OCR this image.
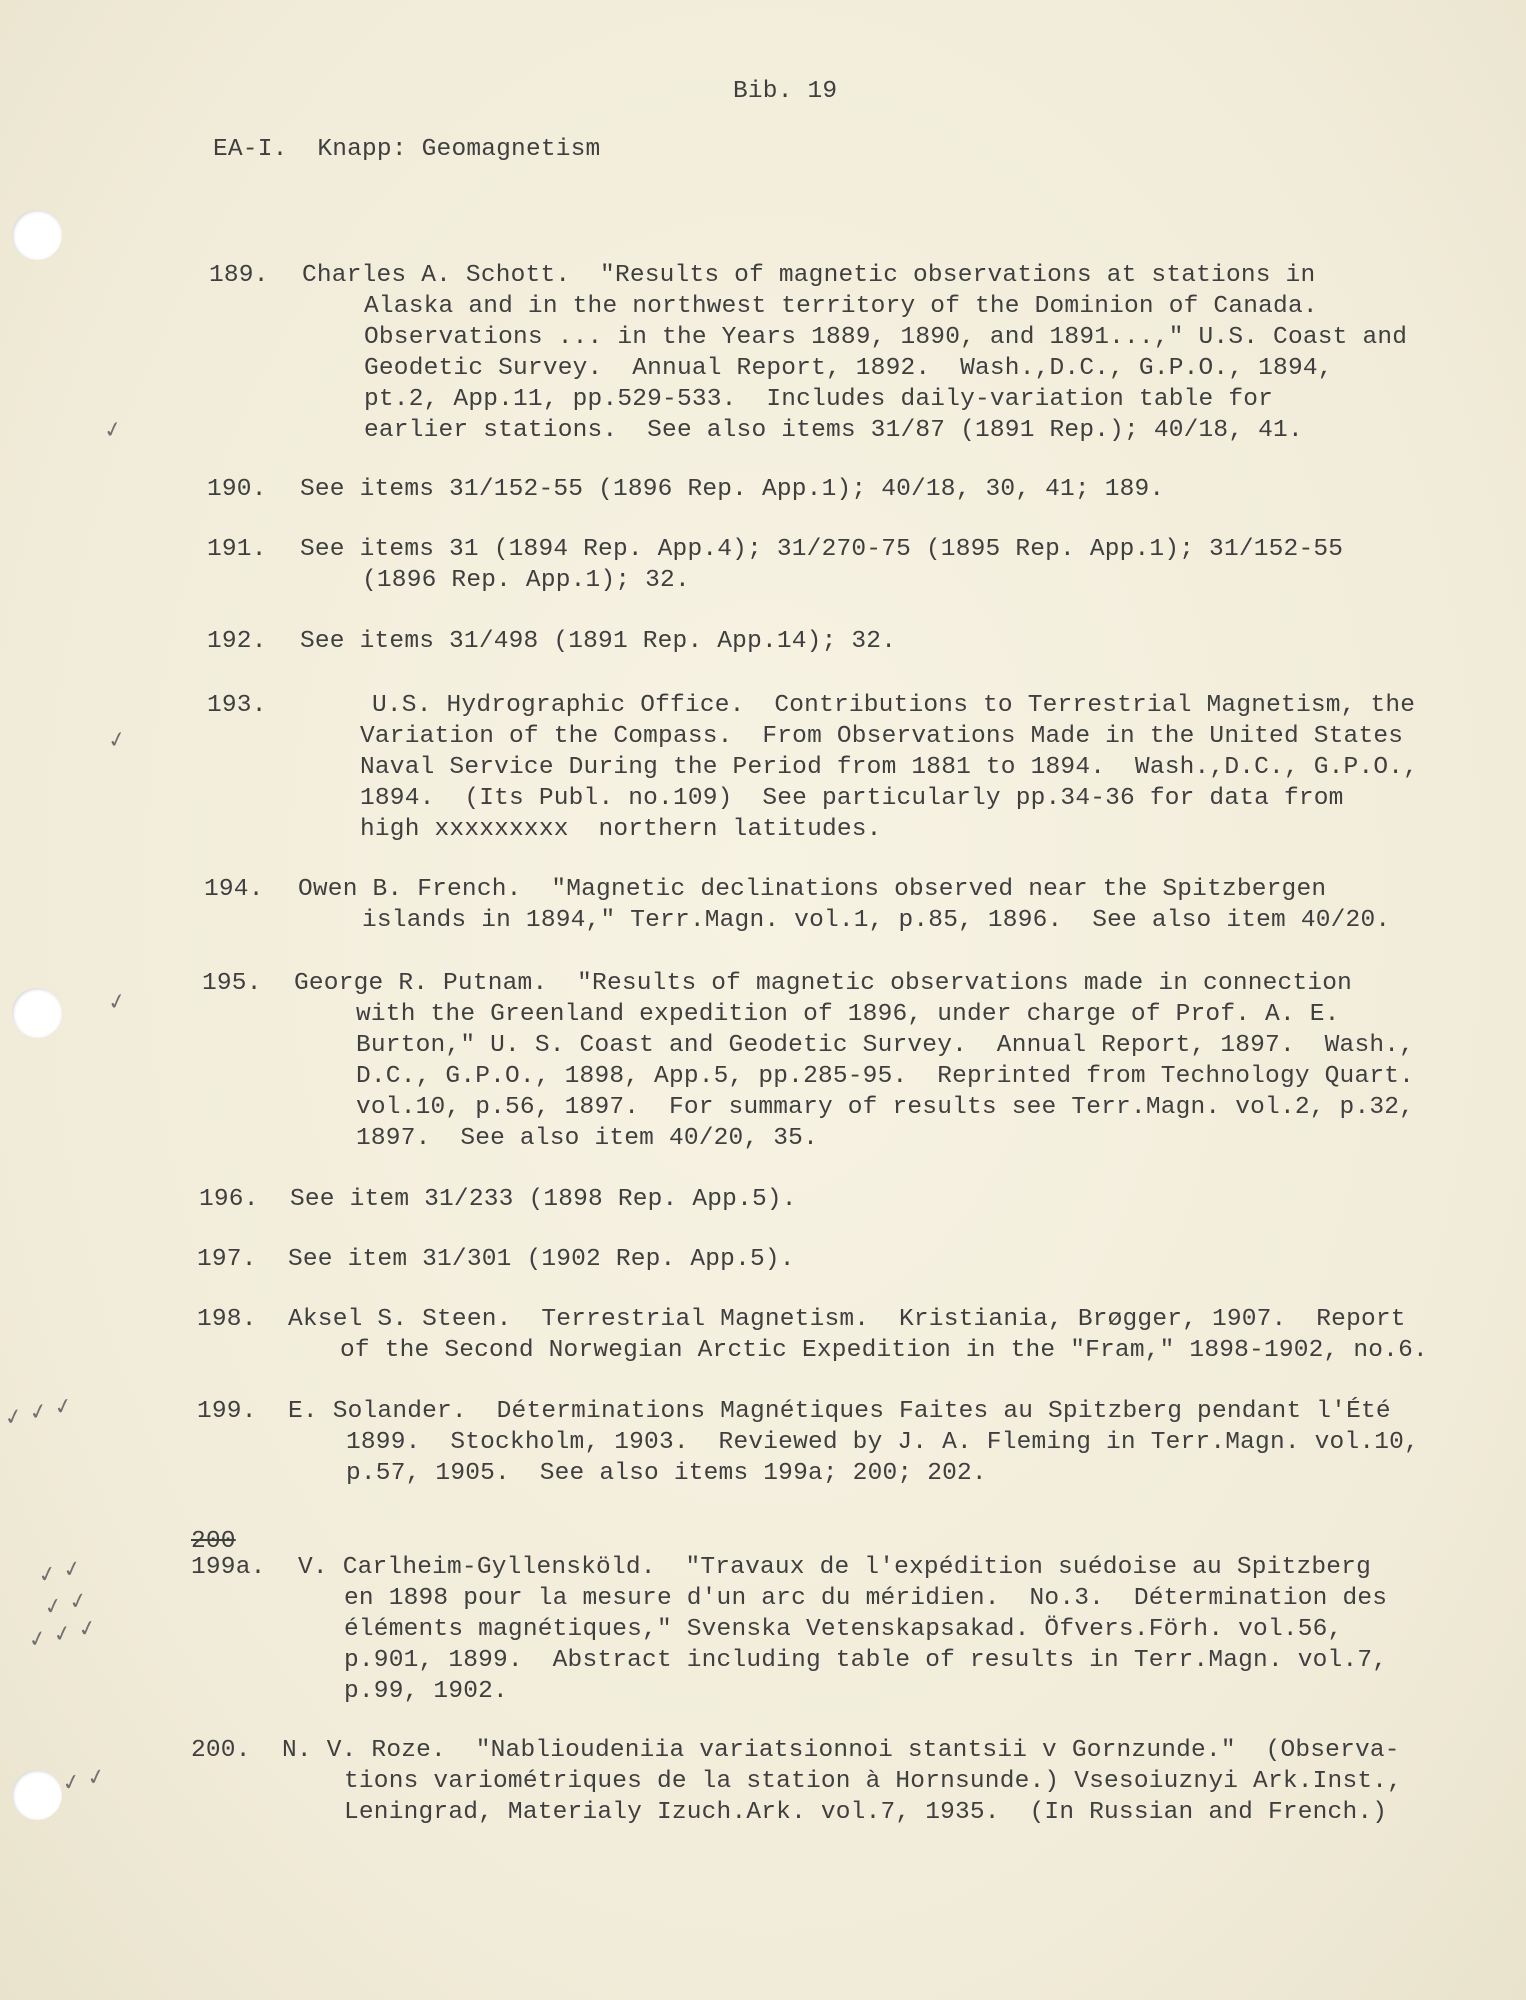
Bib. 19
EA-I.  Knapp: Geomagnetism
200
✓
✓
✓
✓ ✓ ✓
✓ ✓
✓ ✓
✓ ✓ ✓
✓ ✓
189. Charles A. Schott.  "Results of magnetic observations at stations in
Alaska and in the northwest territory of the Dominion of Canada.
Observations ... in the Years 1889, 1890, and 1891...," U.S. Coast and
Geodetic Survey.  Annual Report, 1892.  Wash.,D.C., G.P.O., 1894,
pt.2, App.11, pp.529-533.  Includes daily-variation table for
earlier stations.  See also items 31/87 (1891 Rep.); 40/18, 41.
190. See items 31/152-55 (1896 Rep. App.1); 40/18, 30, 41; 189.
191. See items 31 (1894 Rep. App.4); 31/270-75 (1895 Rep. App.1); 31/152-55
(1896 Rep. App.1); 32.
192. See items 31/498 (1891 Rep. App.14); 32.
193.	U.S. Hydrographic Office.  Contributions to Terrestrial Magnetism, the
Variation of the Compass.  From Observations Made in the United States
Naval Service During the Period from 1881 to 1894.  Wash.,D.C., G.P.O.,
1894.  (Its Publ. no.109)  See particularly pp.34-36 for data from
high xxxxxxxxx  northern latitudes.
194. Owen B. French.  "Magnetic declinations observed near the Spitzbergen
islands in 1894," Terr.Magn. vol.1, p.85, 1896.  See also item 40/20.
195. George R. Putnam.  "Results of magnetic observations made in connection
with the Greenland expedition of 1896, under charge of Prof. A. E.
Burton," U. S. Coast and Geodetic Survey.  Annual Report, 1897.  Wash.,
D.C., G.P.O., 1898, App.5, pp.285-95.  Reprinted from Technology Quart.
vol.10, p.56, 1897.  For summary of results see Terr.Magn. vol.2, p.32,
1897.  See also item 40/20, 35.
196. See item 31/233 (1898 Rep. App.5).
197. See item 31/301 (1902 Rep. App.5).
198. Aksel S. Steen.  Terrestrial Magnetism.  Kristiania, Brøgger, 1907.  Report
of the Second Norwegian Arctic Expedition in the "Fram," 1898-1902, no.6.
199. E. Solander.  Déterminations Magnétiques Faites au Spitzberg pendant l'Été
1899.  Stockholm, 1903.  Reviewed by J. A. Fleming in Terr.Magn. vol.10,
p.57, 1905.  See also items 199a; 200; 202.
199a. V. Carlheim-Gyllensköld.  "Travaux de l'expédition suédoise au Spitzberg
en 1898 pour la mesure d'un arc du méridien.  No.3.  Détermination des
éléments magnétiques," Svenska Vetenskapsakad. Öfvers.Förh. vol.56,
p.901, 1899.  Abstract including table of results in Terr.Magn. vol.7,
p.99, 1902.
200. N. V. Roze.  "Nablioudeniia variatsionnoi stantsii v Gornzunde."  (Observa-
tions variométriques de la station à Hornsunde.) Vsesoiuznyi Ark.Inst.,
Leningrad, Materialy Izuch.Ark. vol.7, 1935.  (In Russian and French.)
